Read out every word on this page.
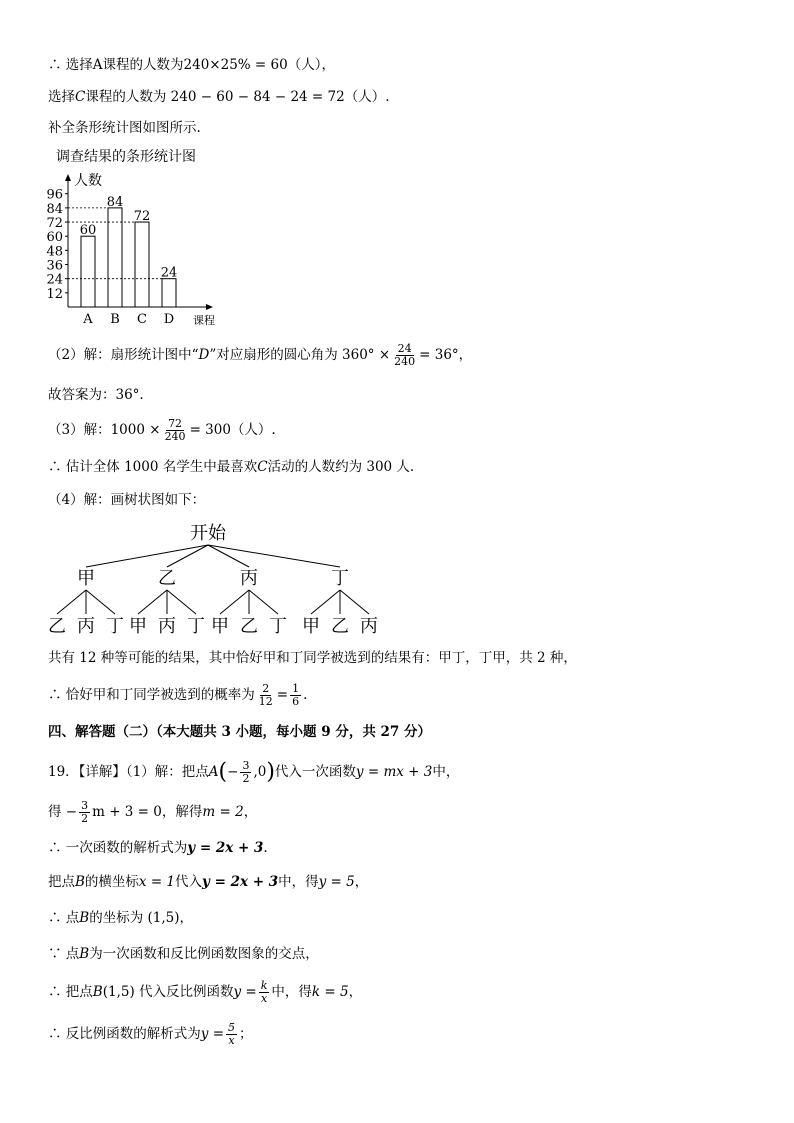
∴ 选择A课程的人数为240×25% = 60（人），
选择C课程的人数为 240 − 60 − 84 − 24 = 72（人）.
补全条形统计图如图所示.
调查结果的条形统计图
人数
课程
12
24
36
48
60
72
84
96
60
A
84
B
72
C
24
D
（2）解：扇形统计图中“D”对应扇形的圆心角为 $360^\circ \times \frac{24}{240} = 36^\circ$，
故答案为：36°.
（3）解：$1000 \times \frac{72}{240} = 300$（人）.
∴ 估计全体 1000 名学生中最喜欢C活动的人数约为 300 人.
（4）解：画树状图如下：
开始
甲
乙 丙 丁
乙
甲 丙 丁
丙
甲 乙 丁
丁
甲 乙 丙
共有 12 种等可能的结果，其中恰好甲和丁同学被选到的结果有：甲丁，丁甲，共 2 种，
∴ 恰好甲和丁同学被选到的概率为 $\frac{2}{12} = \frac{1}{6}$ .
四、解答题（二）（本大题共 3 小题，每小题 9 分，共 27 分）
19．【详解】（1）解：把点$A(- \frac{3}{2} ,0)$代入一次函数y = mx + 3中，
得 − $\frac{3}{2}$ m + 3 = 0，解得m = 2，
∴ 一次函数的解析式为y = 2x + 3.
把点B的横坐标x = 1代入y = 2x + 3中，得y = 5，
∴ 点B的坐标为 (1,5)，
∵ 点B为一次函数和反比例函数图象的交点，
∴ 把点B(1,5) 代入反比例函数$y = \frac{k}{x}$ 中，得k = 5，
∴ 反比例函数的解析式为$y = \frac{5}{x}$ ；
